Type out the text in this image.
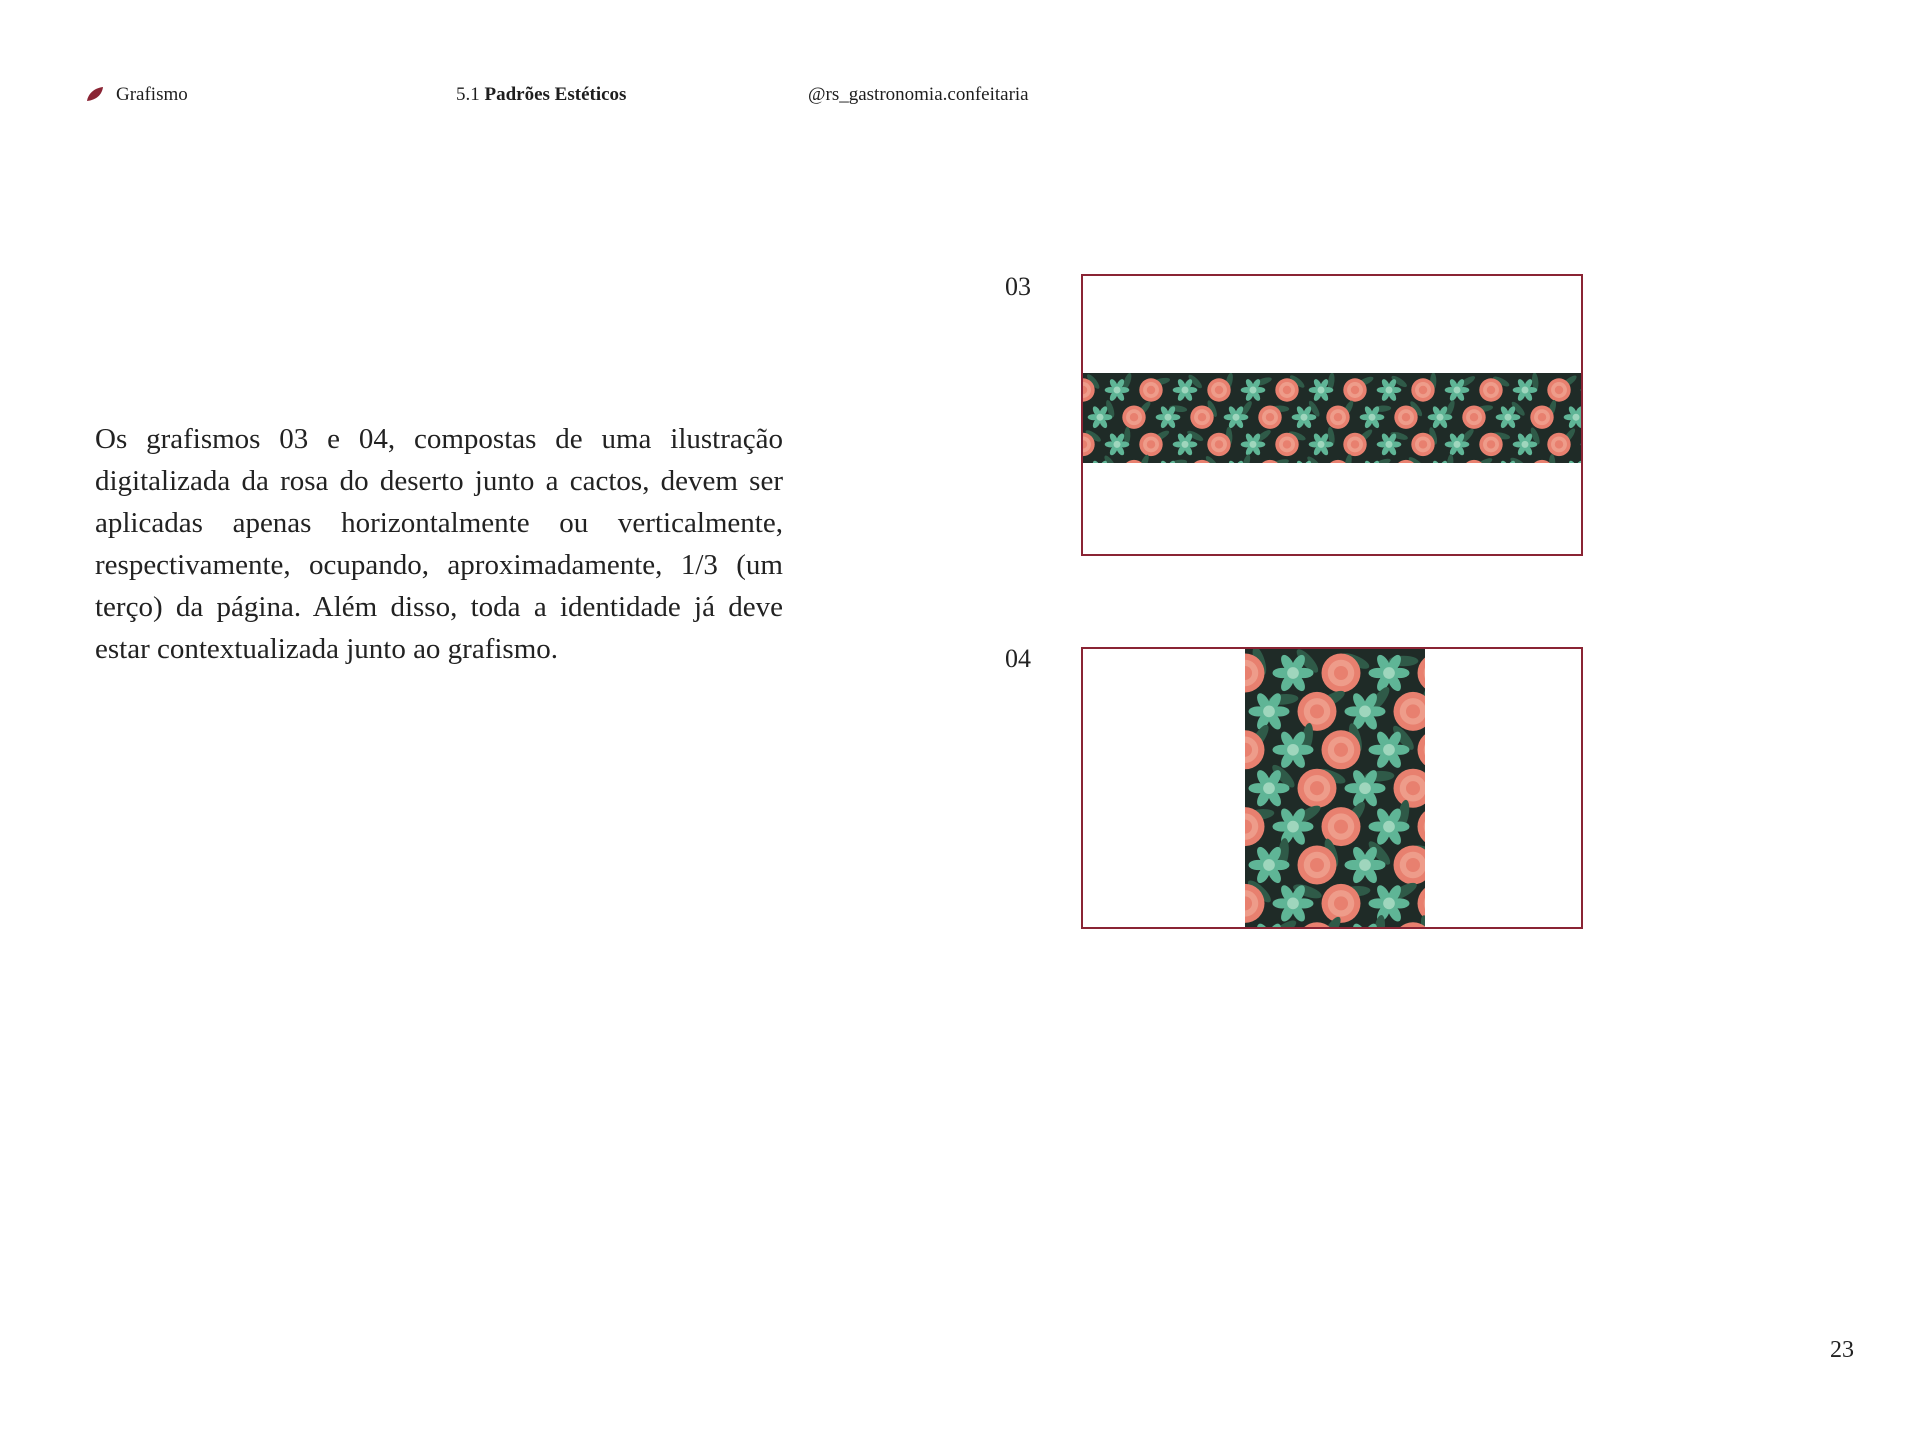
Grafismo	5.1 Padrões Estéticos	@rs_gastronomia.confeitaria

Os grafismos 03 e 04, compostas de uma ilustração digitalizada da rosa do deserto junto a cactos, devem ser aplicadas apenas horizontalmente ou verticalmente, respectivamente, ocupando, aproximadamente, 1/3 (um terço) da página. Além disso, toda a identidade já deve estar contextualizada junto ao grafismo.

03
04
23
